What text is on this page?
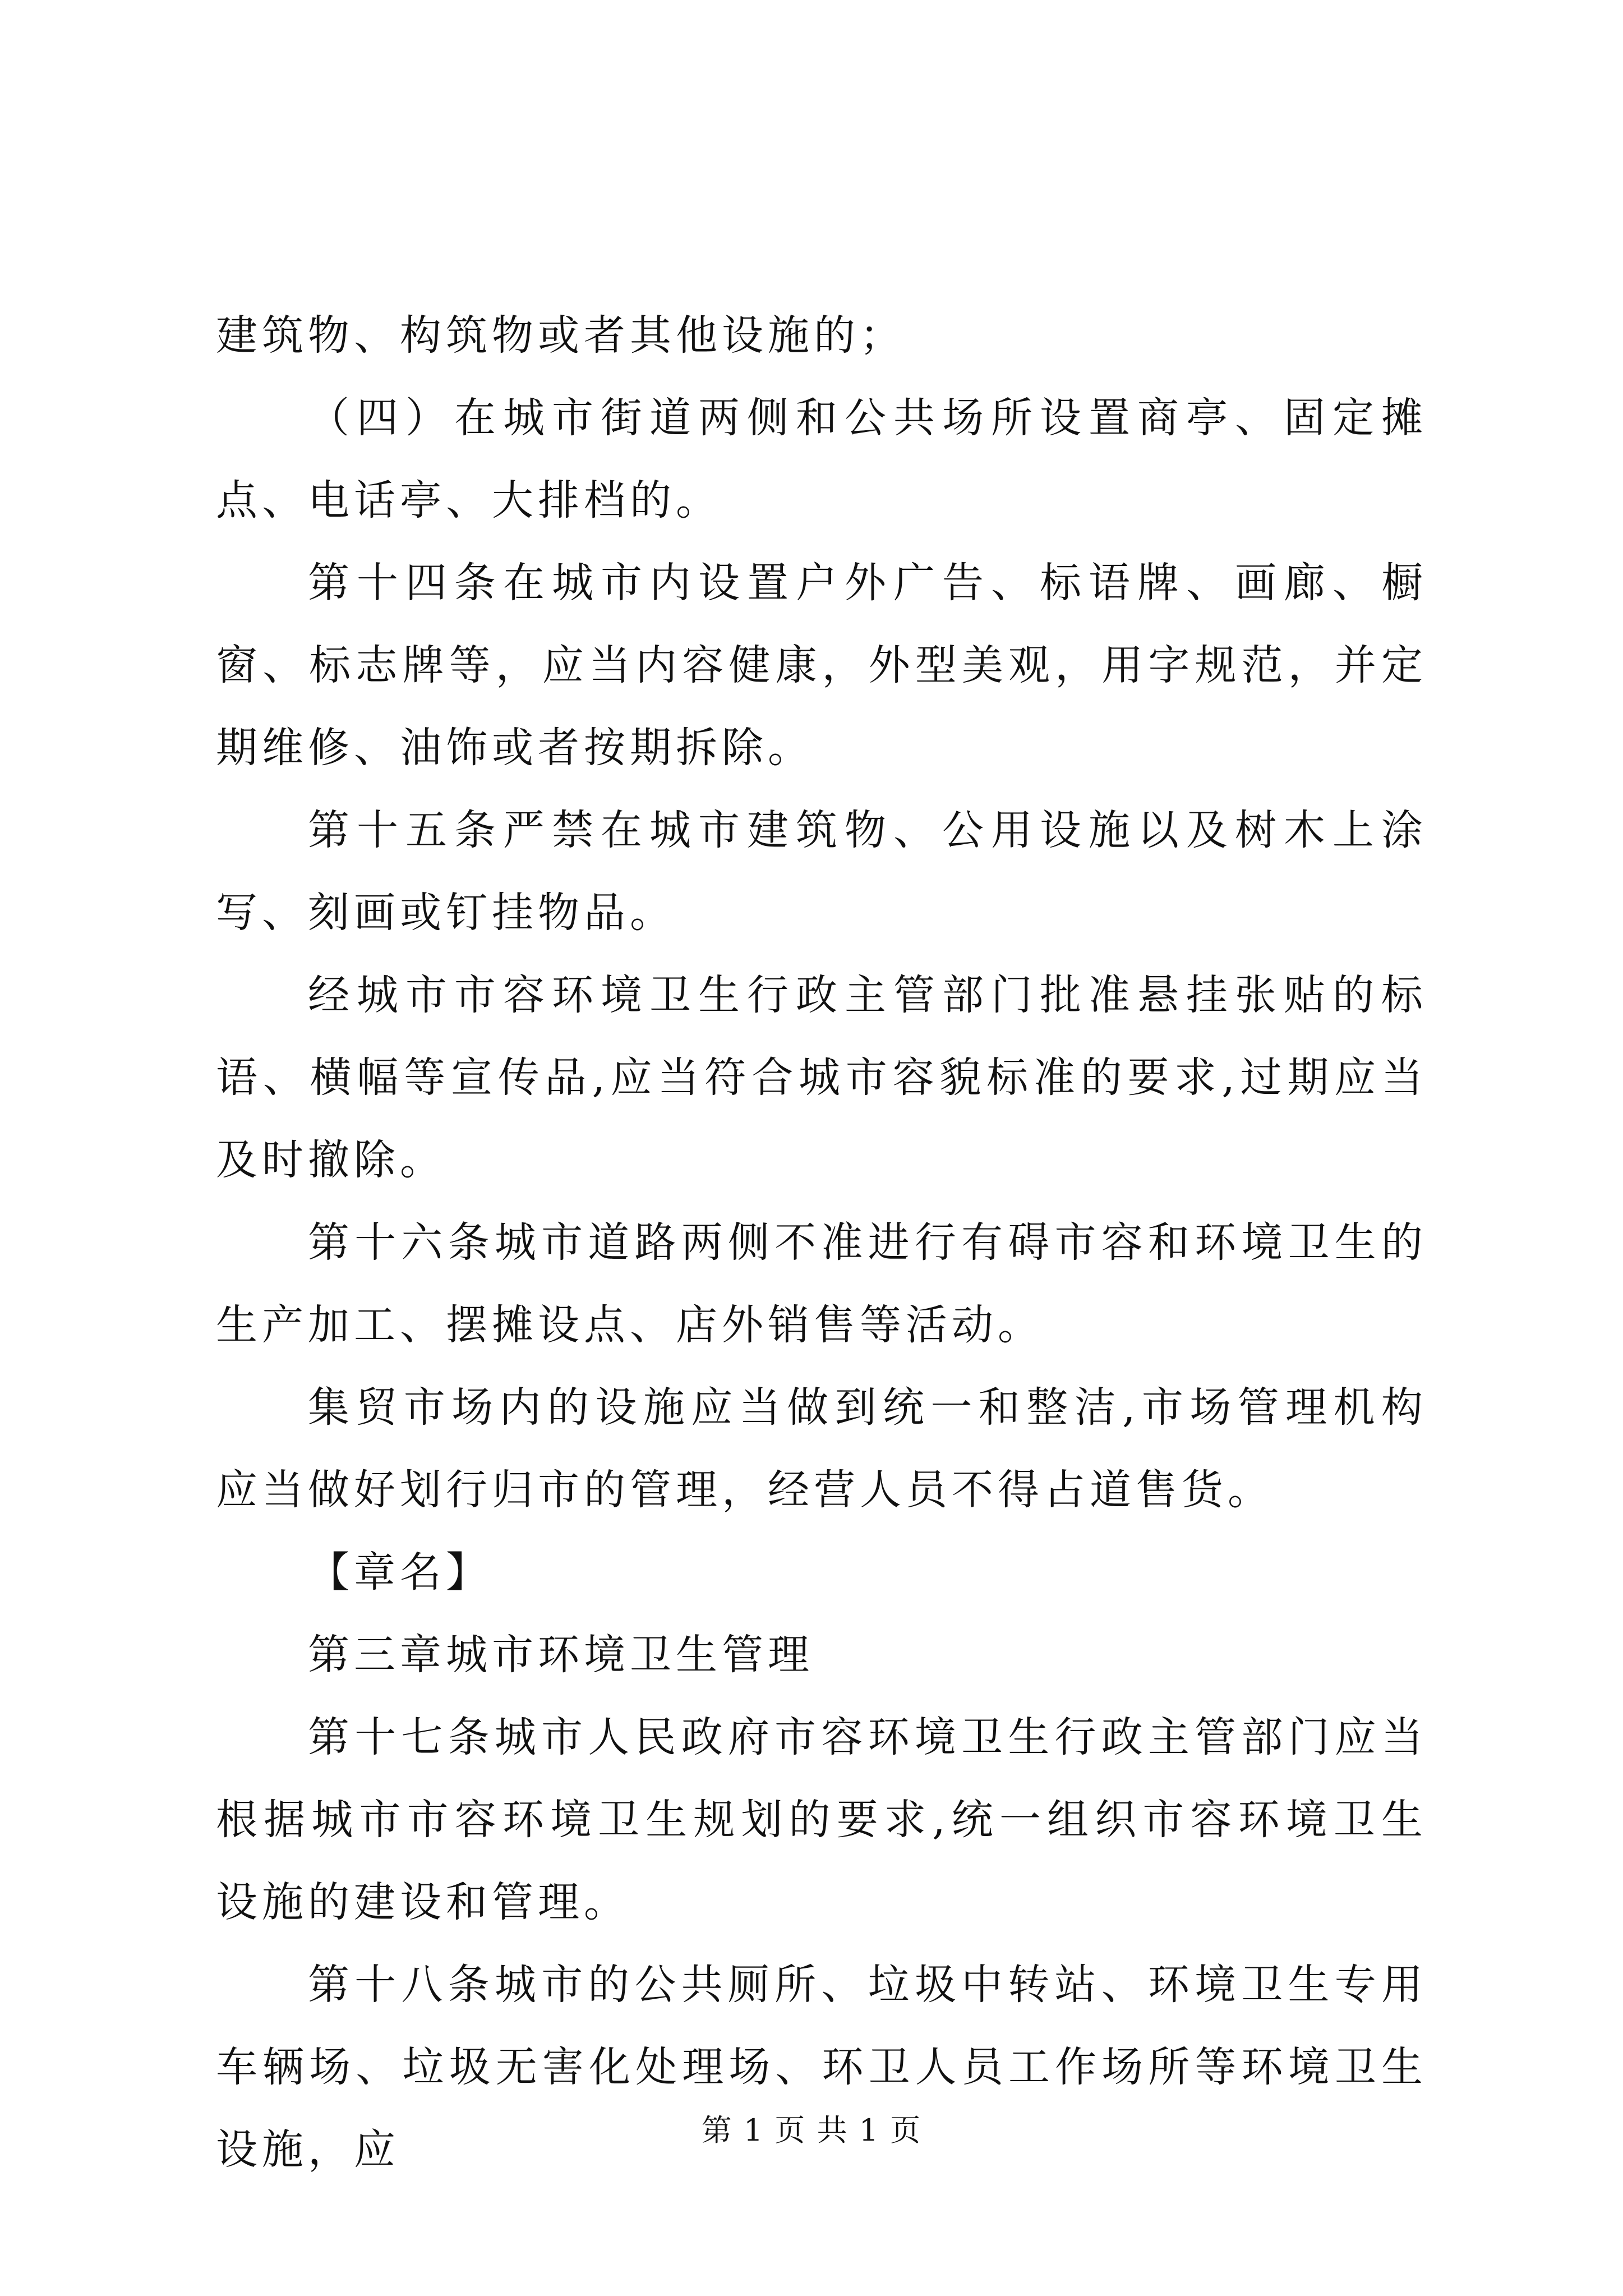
建筑物、构筑物或者其他设施的；

（四）在城市街道两侧和公共场所设置商亭、固定摊点、电话亭、大排档的。

第十四条在城市内设置户外广告、标语牌、画廊、橱窗、标志牌等，应当内容健康，外型美观，用字规范，并定期维修、油饰或者按期拆除。

第十五条严禁在城市建筑物、公用设施以及树木上涂写、刻画或钉挂物品。

经城市市容环境卫生行政主管部门批准悬挂张贴的标语、横幅等宣传品,应当符合城市容貌标准的要求,过期应当及时撤除。

第十六条城市道路两侧不准进行有碍市容和环境卫生的生产加工、摆摊设点、店外销售等活动。

集贸市场内的设施应当做到统一和整洁,市场管理机构应当做好划行归市的管理，经营人员不得占道售货。

【章名】

第三章城市环境卫生管理

第十七条城市人民政府市容环境卫生行政主管部门应当根据城市市容环境卫生规划的要求,统一组织市容环境卫生设施的建设和管理。

第十八条城市的公共厕所、垃圾中转站、环境卫生专用车辆场、垃圾无害化处理场、环卫人员工作场所等环境卫生设施，应	第 1 页 共 1 页
